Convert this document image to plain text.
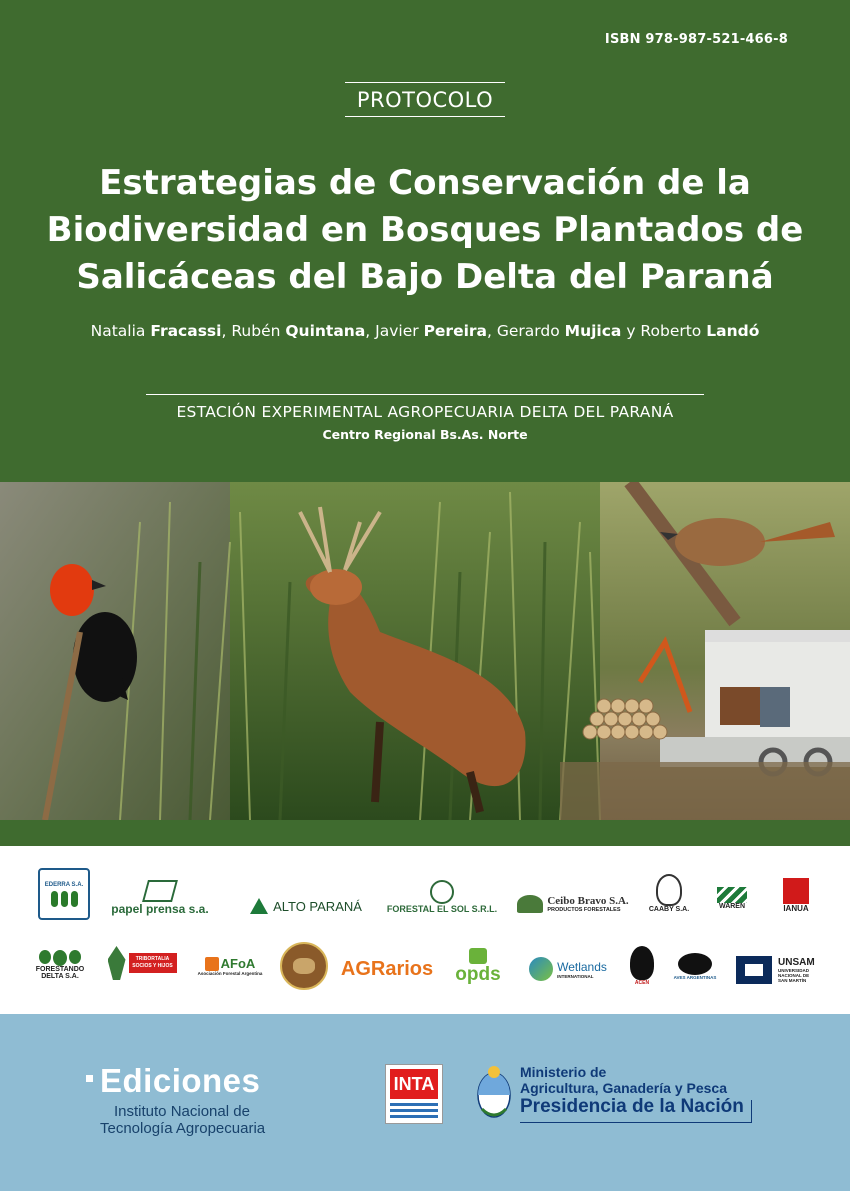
ISBN 978-987-521-466-8
PROTOCOLO
Estrategias de Conservación de la
Biodiversidad en Bosques Plantados de
Salicáceas del Bajo Delta del Paraná
Natalia Fracassi, Rubén Quintana, Javier Pereira, Gerardo Mujica y Roberto Landó
ESTACIÓN EXPERIMENTAL AGROPECUARIA DELTA DEL PARANÁ
Centro Regional Bs.As. Norte
EDERRA S.A.
papel prensa s.a.	ALTO PARANÁ	FORESTAL EL SOL S.R.L.
Ceibo Bravo S.A.
PRODUCTOS FORESTALES	CAABY S.A.	WAREN	IANUA
FORESTANDO
DELTA S.A.
TRIBORTALIA SOCIOS Y HIJOS	AFoA
Asociación Forestal Argentina	AGRarios opds	Wetlands
INTERNATIONAL
ACEN
AVES ARGENTINAS
UNSAM
UNIVERSIDAD
NACIONAL DE
SAN MARTÍN
Ediciones
Instituto Nacional de
Tecnología Agropecuaria
INTA
Ministerio de
Agricultura, Ganadería y Pesca
Presidencia de la Nación
